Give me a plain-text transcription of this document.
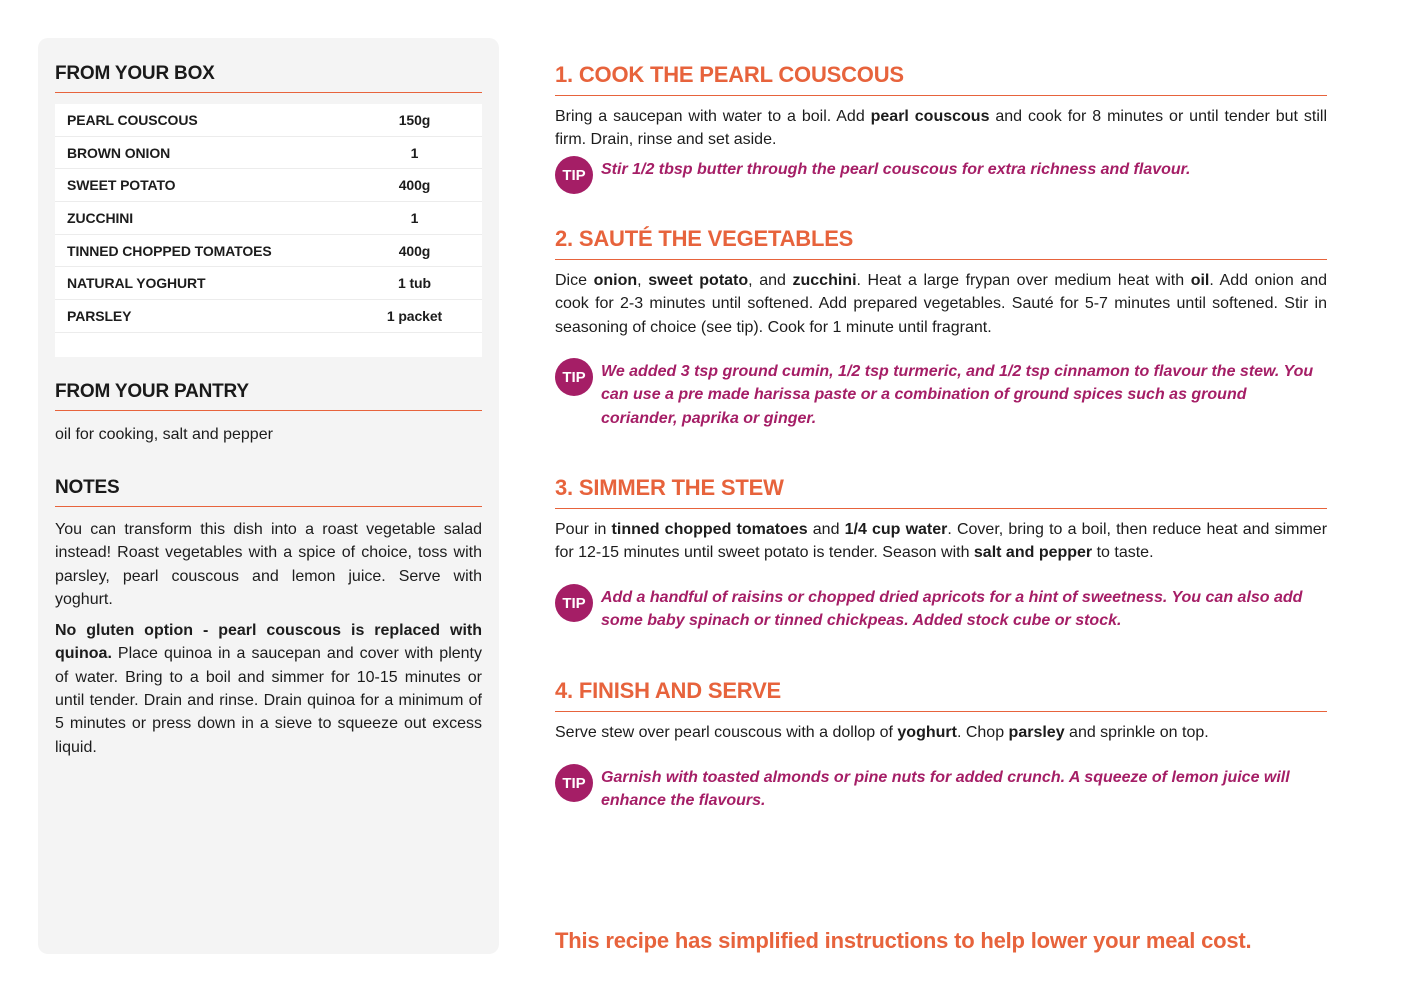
FROM YOUR BOX
PEARL COUSCOUS	150g
BROWN ONION	1
SWEET POTATO	400g
ZUCCHINI	1
TINNED CHOPPED TOMATOES	400g
NATURAL YOGHURT	1 tub
PARSLEY	1 packet
FROM YOUR PANTRY
oil for cooking, salt and pepper
NOTES

You can transform this dish into a roast vegetable salad instead! Roast vegetables with a spice of choice, toss with parsley, pearl couscous and lemon juice. Serve with yoghurt.

No gluten option - pearl couscous is replaced with quinoa. Place quinoa in a saucepan and cover with plenty of water. Bring to a boil and simmer for 10-15 minutes or until tender. Drain and rinse. Drain quinoa for a minimum of 5 minutes or press down in a sieve to squeeze out excess liquid.

1. COOK THE PEARL COUSCOUS

Bring a saucepan with water to a boil. Add pearl couscous and cook for 8 minutes or until tender but still firm. Drain, rinse and set aside.

TIP Stir 1/2 tbsp butter through the pearl couscous for extra richness and flavour.
2. SAUTÉ THE VEGETABLES

Dice onion, sweet potato, and zucchini. Heat a large frypan over medium heat with oil. Add onion and cook for 2-3 minutes until softened. Add prepared vegetables. Sauté for 5-7 minutes until softened. Stir in seasoning of choice (see tip). Cook for 1 minute until fragrant.

TIP We added 3 tsp ground cumin, 1/2 tsp turmeric, and 1/2 tsp cinnamon to flavour the stew. You can use a pre made harissa paste or a combination of ground spices such as ground coriander, paprika or ginger.
3. SIMMER THE STEW

Pour in tinned chopped tomatoes and 1/4 cup water. Cover, bring to a boil, then reduce heat and simmer for 12-15 minutes until sweet potato is tender. Season with salt and pepper to taste.

TIP Add a handful of raisins or chopped dried apricots for a hint of sweetness. You can also add some baby spinach or tinned chickpeas. Added stock cube or stock.
4. FINISH AND SERVE

Serve stew over pearl couscous with a dollop of yoghurt. Chop parsley and sprinkle on top.

TIP Garnish with toasted almonds or pine nuts for added crunch. A squeeze of lemon juice will enhance the flavours.
This recipe has simplified instructions to help lower your meal cost.
